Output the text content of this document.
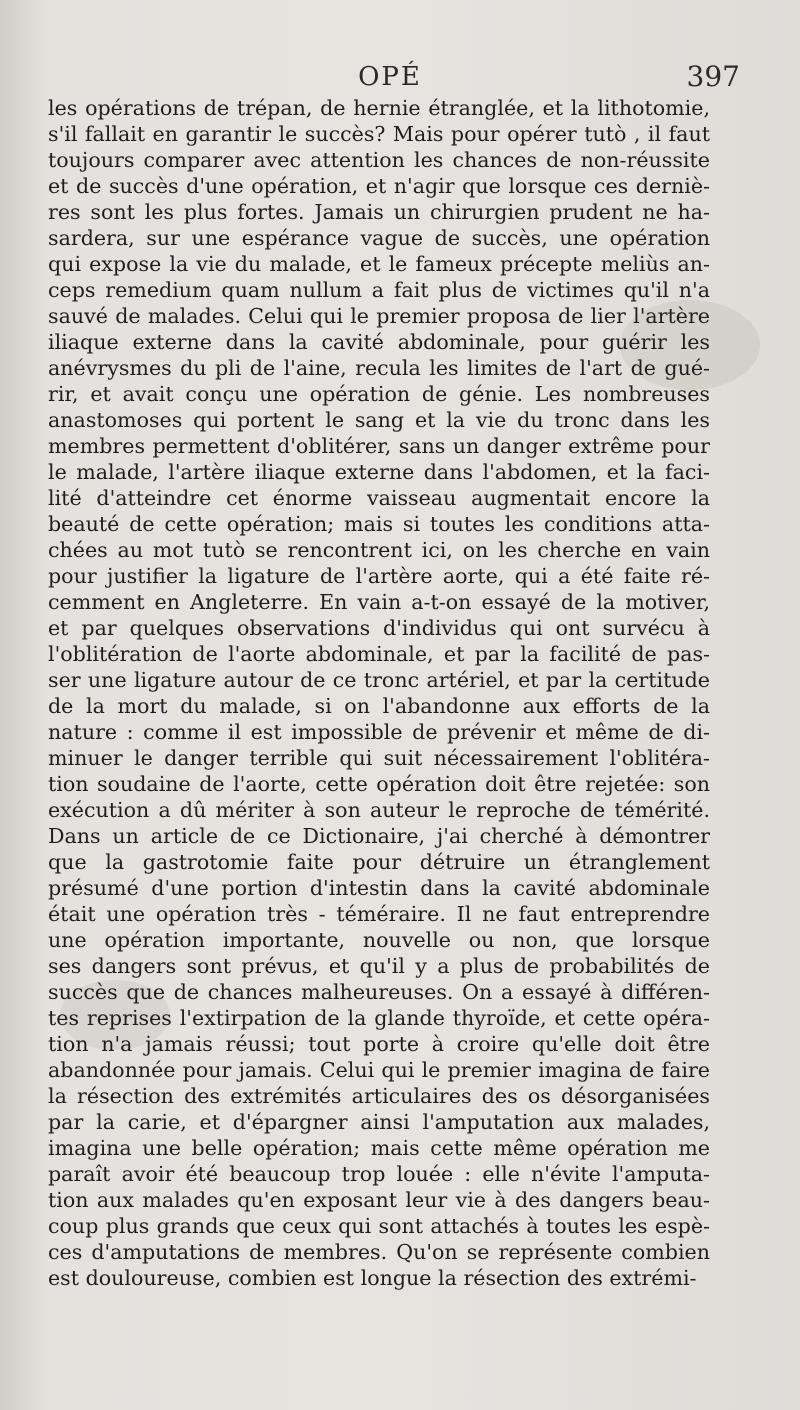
OPÉ	397
les opérations de trépan, de hernie étranglée, et la lithotomie,
s'il fallait en garantir le succès? Mais pour opérer tutò , il faut
toujours comparer avec attention les chances de non-réussite
et de succès d'une opération, et n'agir que lorsque ces derniè-
res sont les plus fortes. Jamais un chirurgien prudent ne ha-
sardera, sur une espérance vague de succès, une opération
qui expose la vie du malade, et le fameux précepte meliùs an-
ceps remedium quam nullum a fait plus de victimes qu'il n'a
sauvé de malades. Celui qui le premier proposa de lier l'artère
iliaque externe dans la cavité abdominale, pour guérir les
anévrysmes du pli de l'aine, recula les limites de l'art de gué-
rir, et avait conçu une opération de génie. Les nombreuses
anastomoses qui portent le sang et la vie du tronc dans les
membres permettent d'oblitérer, sans un danger extrême pour
le malade, l'artère iliaque externe dans l'abdomen, et la faci-
lité d'atteindre cet énorme vaisseau augmentait encore la
beauté de cette opération; mais si toutes les conditions atta-
chées au mot tutò se rencontrent ici, on les cherche en vain
pour justifier la ligature de l'artère aorte, qui a été faite ré-
cemment en Angleterre. En vain a-t-on essayé de la motiver,
et par quelques observations d'individus qui ont survécu à
l'oblitération de l'aorte abdominale, et par la facilité de pas-
ser une ligature autour de ce tronc artériel, et par la certitude
de la mort du malade, si on l'abandonne aux efforts de la
nature : comme il est impossible de prévenir et même de di-
minuer le danger terrible qui suit nécessairement l'oblitéra-
tion soudaine de l'aorte, cette opération doit être rejetée: son
exécution a dû mériter à son auteur le reproche de témérité.
Dans un article de ce Dictionaire, j'ai cherché à démontrer
que la gastrotomie faite pour détruire un étranglement
présumé d'une portion d'intestin dans la cavité abdominale
était une opération très - téméraire. Il ne faut entreprendre
une opération importante, nouvelle ou non, que lorsque
ses dangers sont prévus, et qu'il y a plus de probabilités de
succès que de chances malheureuses. On a essayé à différen-
tes reprises l'extirpation de la glande thyroïde, et cette opéra-
tion n'a jamais réussi; tout porte à croire qu'elle doit être
abandonnée pour jamais. Celui qui le premier imagina de faire
la résection des extrémités articulaires des os désorganisées
par la carie, et d'épargner ainsi l'amputation aux malades,
imagina une belle opération; mais cette même opération me
paraît avoir été beaucoup trop louée : elle n'évite l'amputa-
tion aux malades qu'en exposant leur vie à des dangers beau-
coup plus grands que ceux qui sont attachés à toutes les espè-
ces d'amputations de membres. Qu'on se représente combien
est douloureuse, combien est longue la résection des extrémi-
